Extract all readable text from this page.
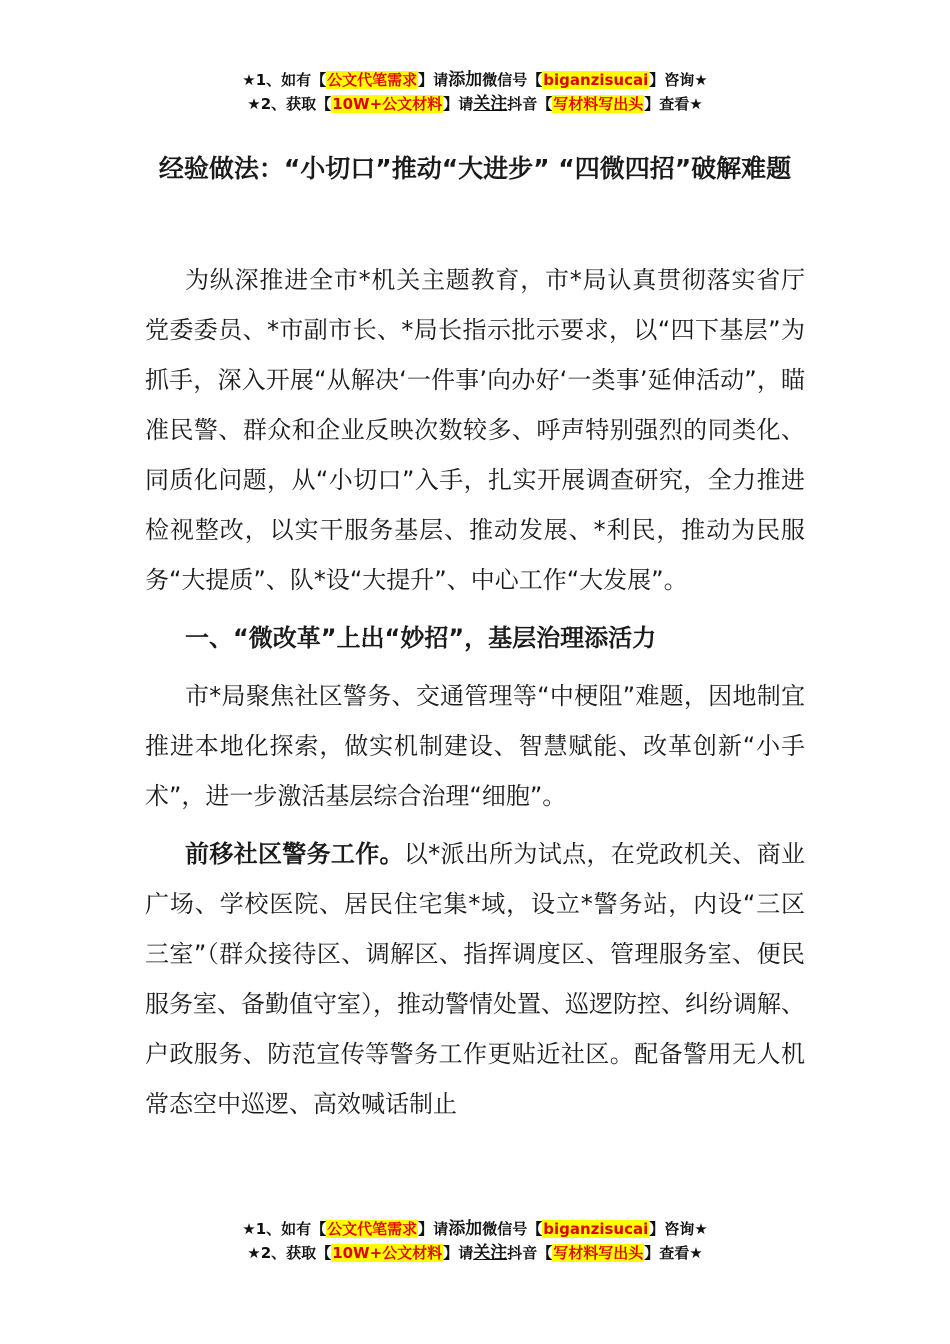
★1、如有【公文代笔需求】请添加微信号【biganzisucai】咨询★
★2、获取【10W+公文材料】请关注抖音【写材料写出头】查看★
经验做法：“小切口”推动“大进步” “四微四招”破解难题

为纵深推进全市*机关主题教育，市*局认真贯彻落实省厅党委委员、*市副市长、*局长指示批示要求，以“四下基层”为抓手，深入开展“从解决‘一件事’向办好‘一类事’延伸活动”，瞄准民警、群众和企业反映次数较多、呼声特别强烈的同类化、同质化问题，从“小切口”入手，扎实开展调查研究，全力推进检视整改，以实干服务基层、推动发展、*利民，推动为民服务“大提质”、队*设“大提升”、中心工作“大发展”。

一、“微改革”上出“妙招”，基层治理添活力

市*局聚焦社区警务、交通管理等“中梗阻”难题，因地制宜推进本地化探索，做实机制建设、智慧赋能、改革创新“小手术”，进一步激活基层综合治理“细胞”。

前移社区警务工作。以*派出所为试点，在党政机关、商业广场、学校医院、居民住宅集*域，设立*警务站，内设“三区三室”（群众接待区、调解区、指挥调度区、管理服务室、便民服务室、备勤值守室），推动警情处置、巡逻防控、纠纷调解、户政服务、防范宣传等警务工作更贴近社区。配备警用无人机常态空中巡逻、高效喊话制止

★1、如有【公文代笔需求】请添加微信号【biganzisucai】咨询★
★2、获取【10W+公文材料】请关注抖音【写材料写出头】查看★
